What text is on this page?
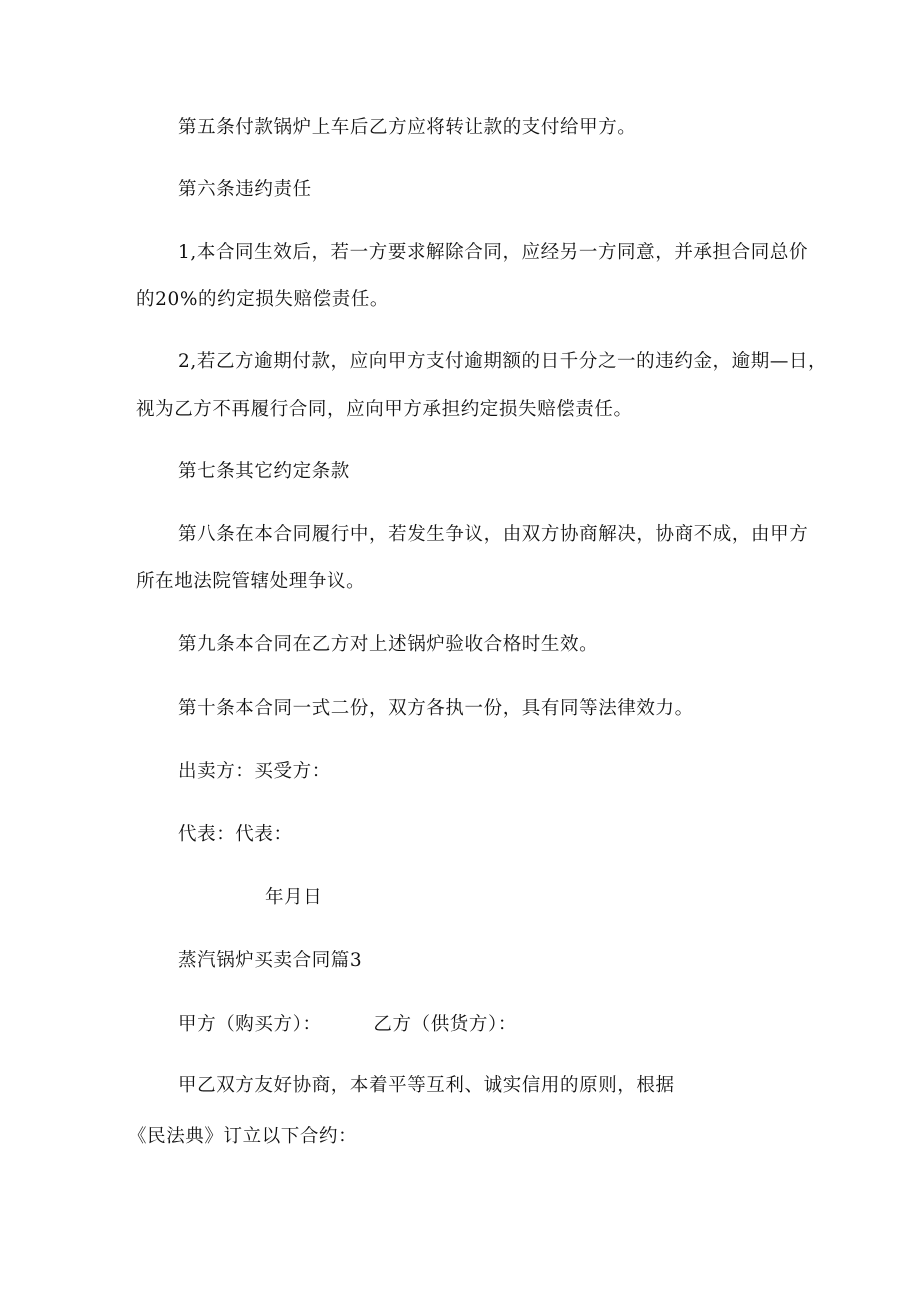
第五条付款锅炉上车后乙方应将转让款的支付给甲方。
第六条违约责任
1,本合同生效后，若一方要求解除合同，应经另一方同意，并承担合同总价
的20%的约定损失赔偿责任。
2,若乙方逾期付款，应向甲方支付逾期额的日千分之一的违约金，逾期—日，
视为乙方不再履行合同，应向甲方承担约定损失赔偿责任。
第七条其它约定条款
第八条在本合同履行中，若发生争议，由双方协商解决，协商不成，由甲方
所在地法院管辖处理争议。
第九条本合同在乙方对上述锅炉验收合格时生效。
第十条本合同一式二份，双方各执一份，具有同等法律效力。
出卖方：买受方：
代表：代表：
年月日
蒸汽锅炉买卖合同篇3
甲方（购买方）：        乙方（供货方）：
甲乙双方友好协商，本着平等互利、诚实信用的原则，根据
《民法典》订立以下合约：
